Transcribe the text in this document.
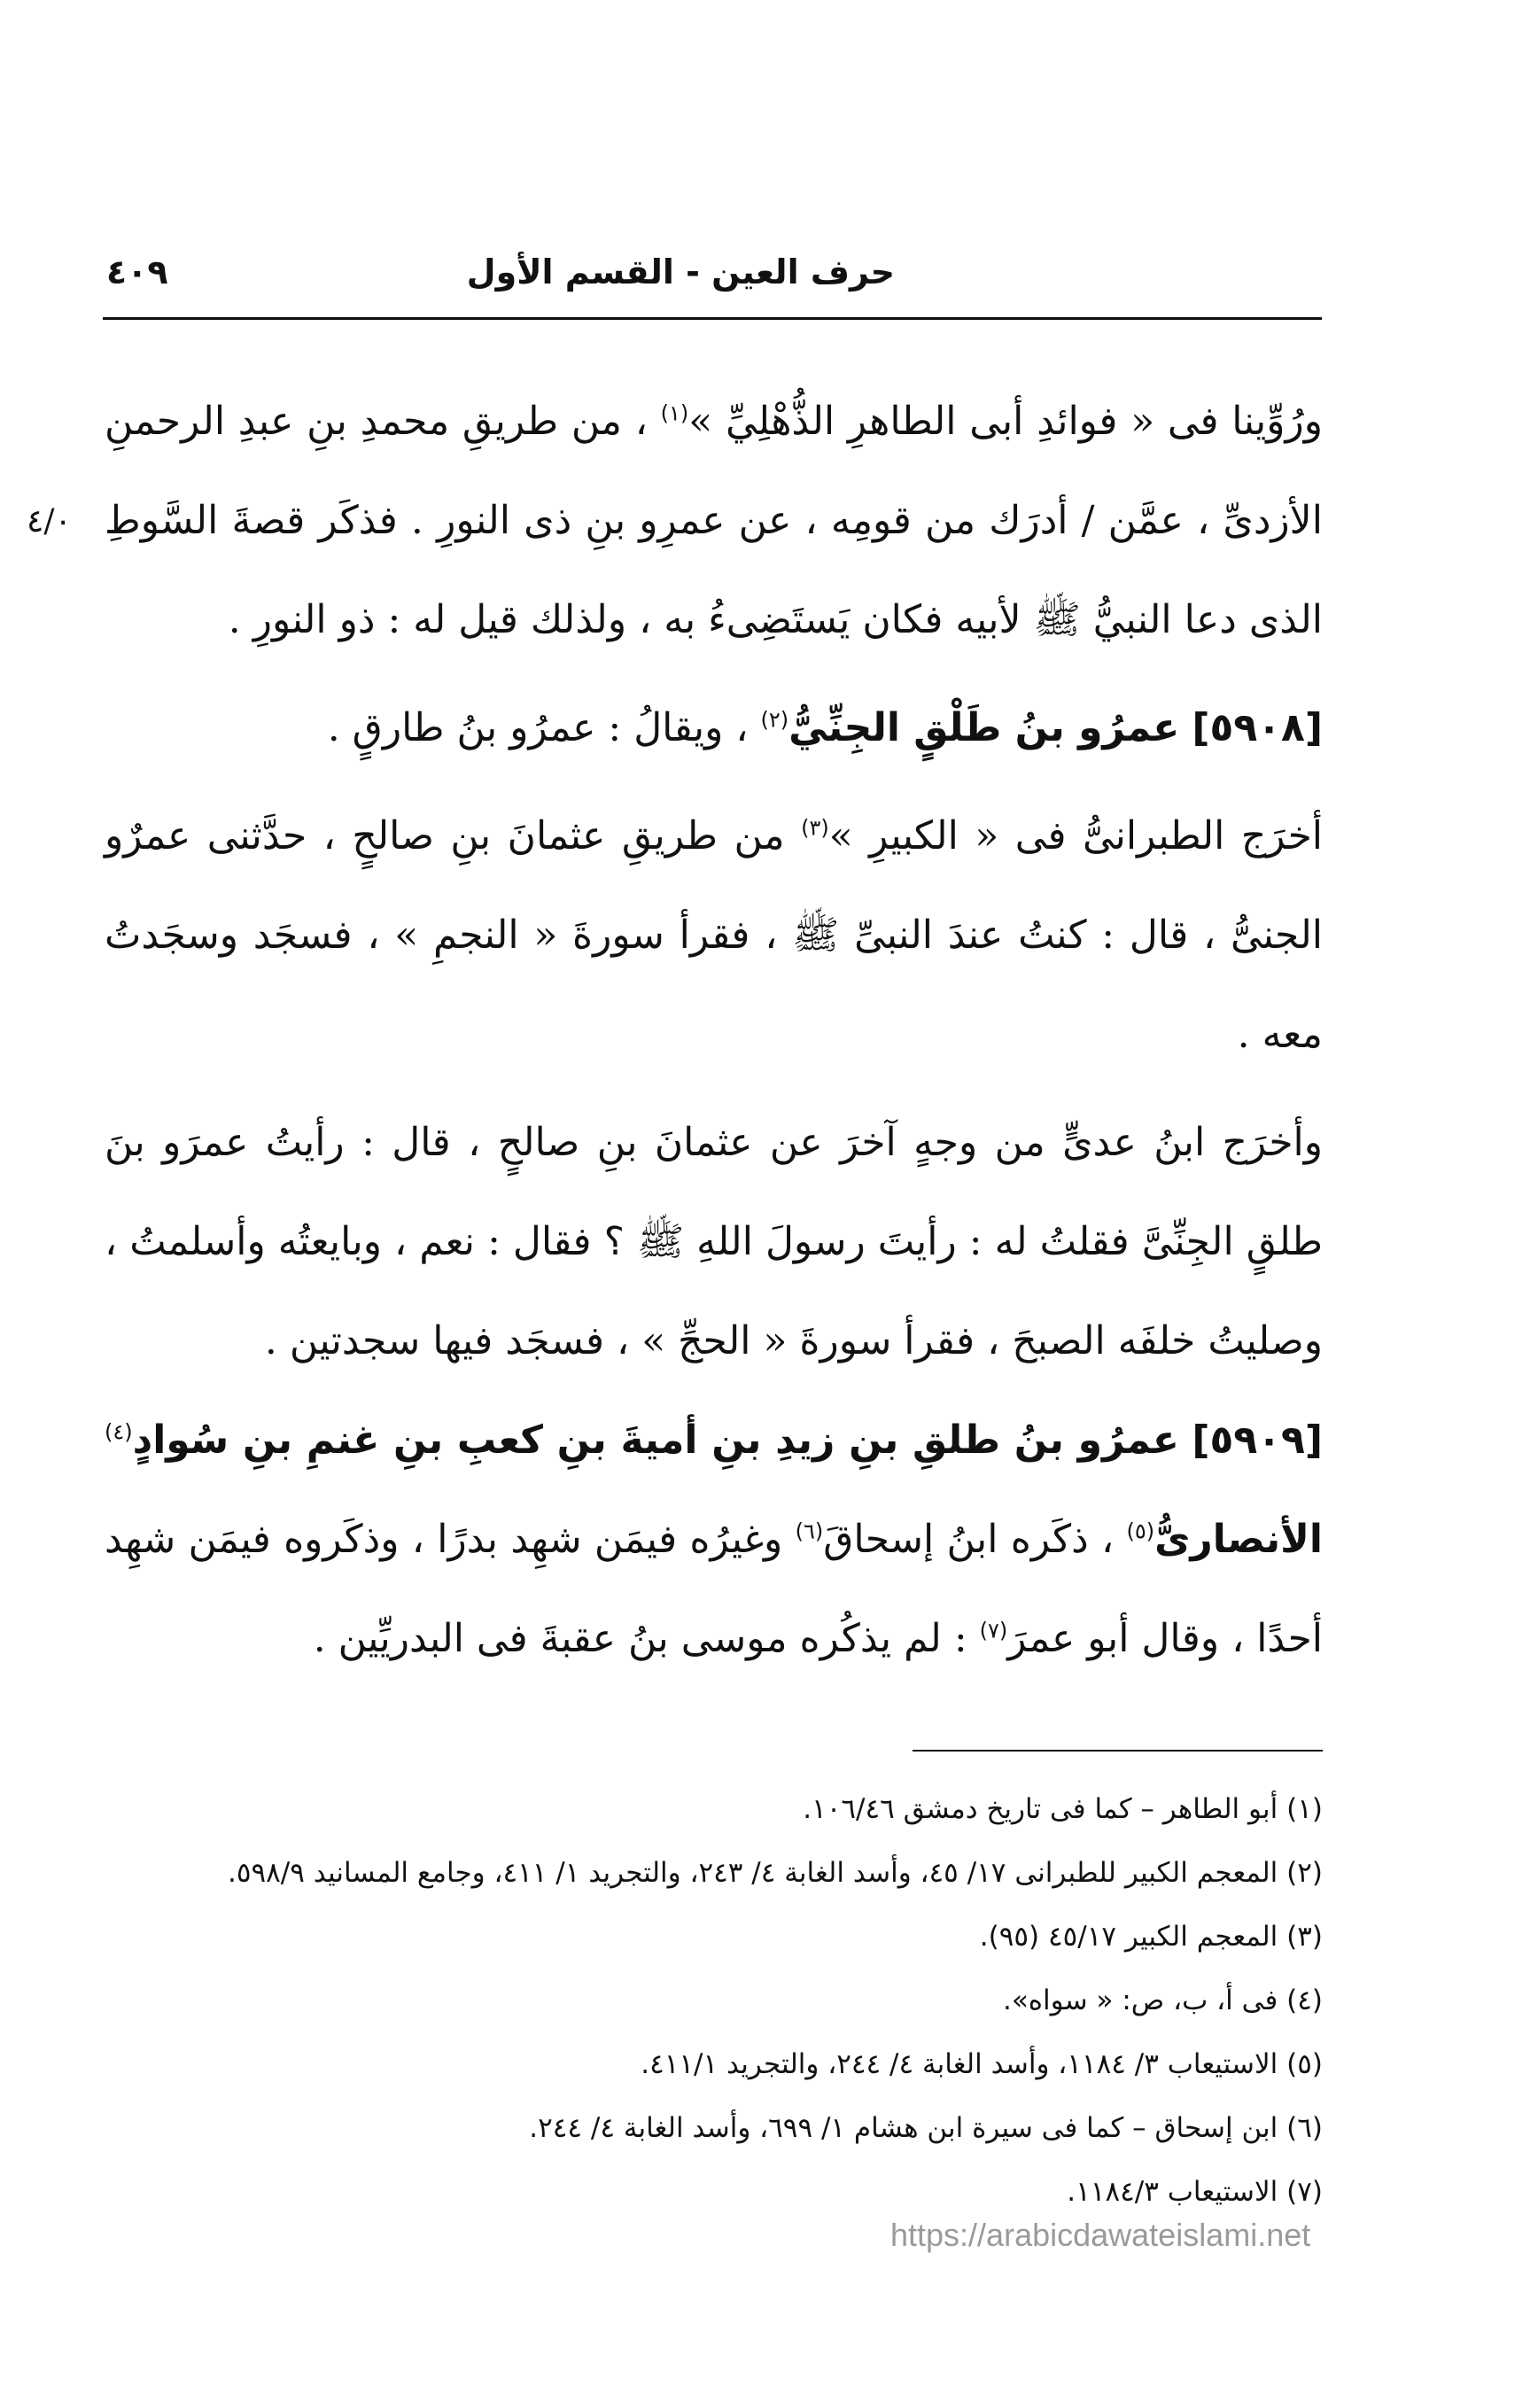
حرف العين - القسم الأول
٤٠٩
٤/٠

ورُوِّينا فى « فوائدِ أبى الطاهرِ الذُّهْلِيِّ »$^{(١)}$ ، من طريقِ محمدِ بنِ عبدِ الرحمنِ الأزدىِّ ، عمَّن / أدرَك من قومِه ، عن عمرِو بنِ ذى النورِ . فذكَر قصةَ السَّوطِ الذى دعا النبيُّ ﷺ لأبيه فكان يَستَضِىءُ به ، ولذلك قيل له : ذو النورِ .

[٥٩٠٨] عمرُو بنُ طَلْقٍ الجِنِّيُّ$^{(٢)}$ ، ويقالُ : عمرُو بنُ طارقٍ .

أخرَج الطبرانىُّ فى « الكبيرِ »$^{(٣)}$ من طريقِ عثمانَ بنِ صالحٍ ، حدَّثنى عمرٌو الجنىُّ ، قال : كنتُ عندَ النبىِّ ﷺ ، فقرأ سورةَ « النجمِ » ، فسجَد وسجَدتُ معه .

وأخرَج ابنُ عدىٍّ من وجهٍ آخرَ عن عثمانَ بنِ صالحٍ ، قال : رأيتُ عمرَو بنَ طلقٍ الجِنِّىَّ فقلتُ له : رأيتَ رسولَ اللهِ ﷺ ؟ فقال : نعم ، وبايعتُه وأسلمتُ ، وصليتُ خلفَه الصبحَ ، فقرأ سورةَ « الحجِّ » ، فسجَد فيها سجدتين .

[٥٩٠٩] عمرُو بنُ طلقِ بنِ زيدِ بنِ أميةَ بنِ كعبِ بنِ غنمِ بنِ سُوادٍ$^{(٤)}$ الأنصارىُّ$^{(٥)}$ ، ذكَره ابنُ إسحاقَ$^{(٦)}$ وغيرُه فيمَن شهِد بدرًا ، وذكَروه فيمَن شهِد أحدًا ، وقال أبو عمرَ$^{(٧)}$ : لم يذكُره موسى بنُ عقبةَ فى البدريِّين .

(١) أبو الطاهر – كما فى تاريخ دمشق ١٠٦/٤٦.
(٢) المعجم الكبير للطبرانى ١٧/ ٤٥، وأسد الغابة ٤/ ٢٤٣، والتجريد ١/ ٤١١، وجامع المسانيد ٥٩٨/٩.
(٣) المعجم الكبير ٤٥/١٧ (٩٥).
(٤) فى أ، ب، ص: « سواه».
(٥) الاستيعاب ٣/ ١١٨٤، وأسد الغابة ٤/ ٢٤٤، والتجريد ٤١١/١.
(٦) ابن إسحاق – كما فى سيرة ابن هشام ١/ ٦٩٩، وأسد الغابة ٤/ ٢٤٤.
(٧) الاستيعاب ١١٨٤/٣.
https://arabicdawateislami.net
